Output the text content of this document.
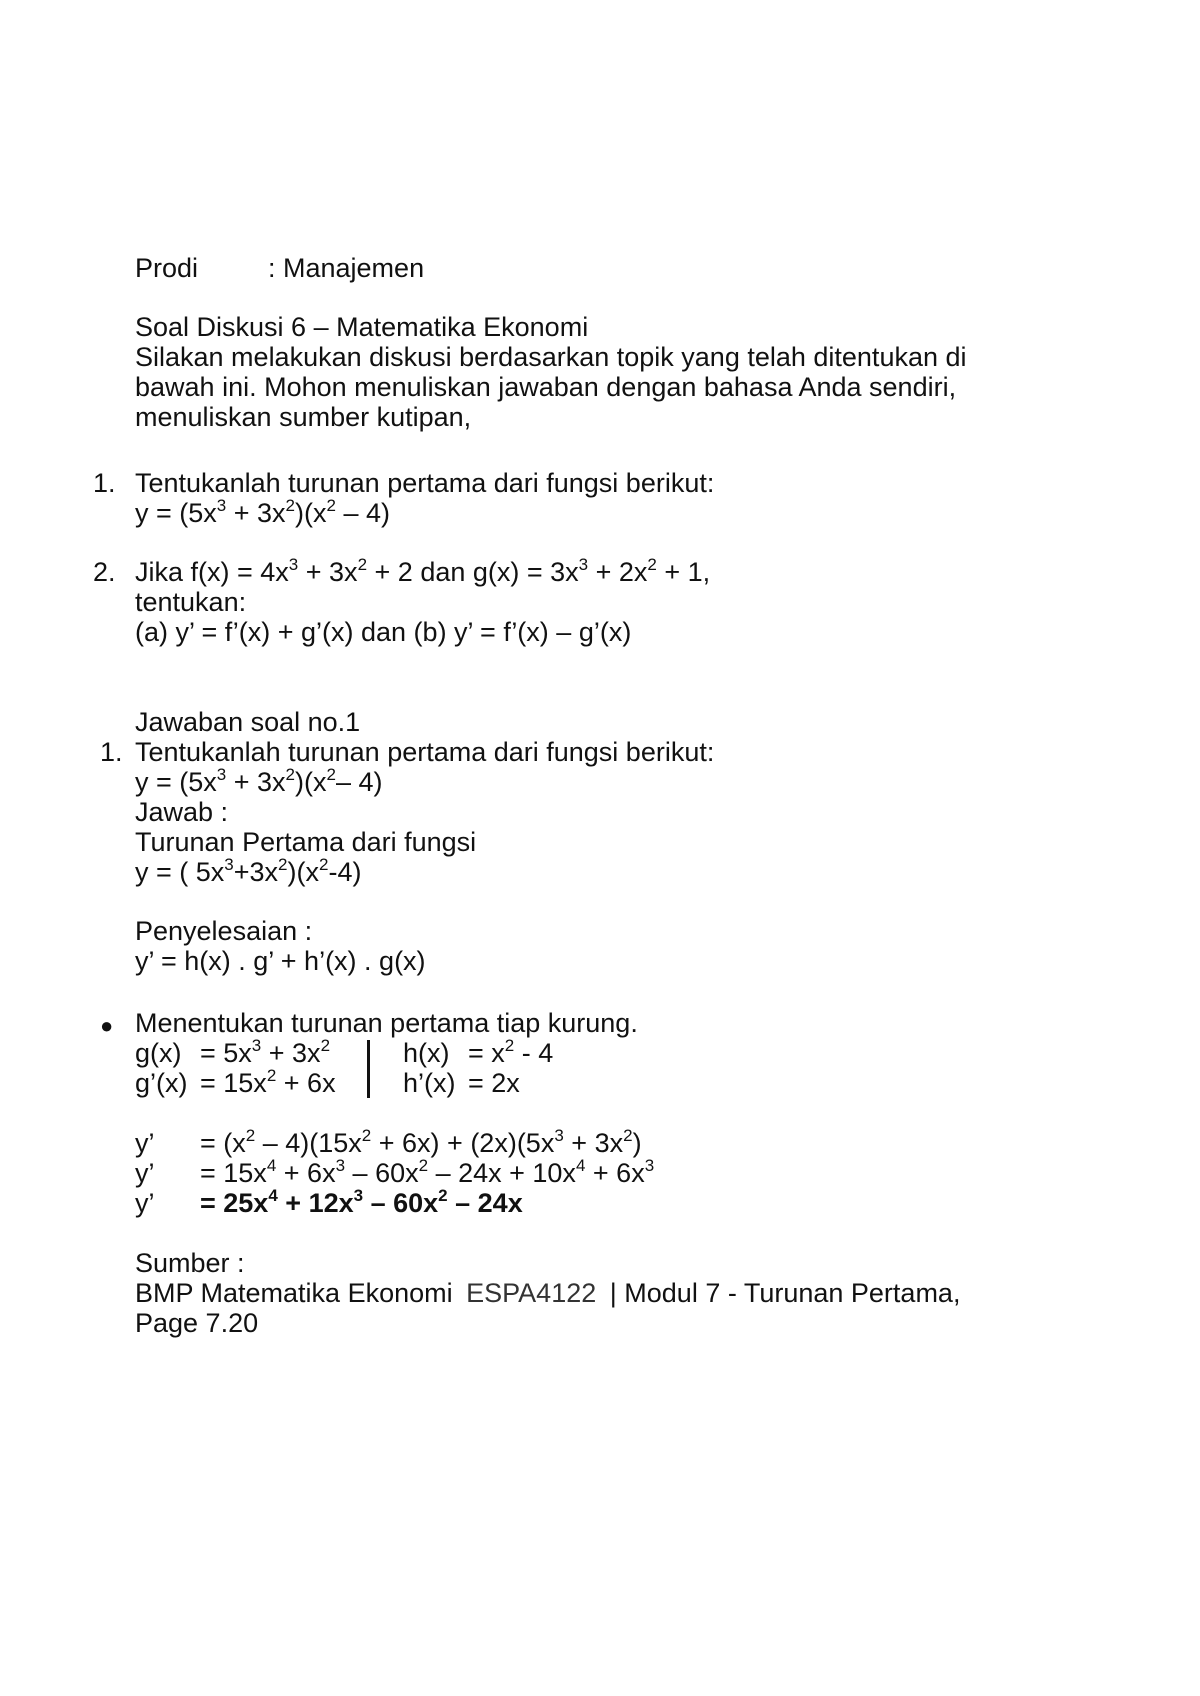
Prodi	: Manajemen
Soal Diskusi 6 – Matematika Ekonomi
Silakan melakukan diskusi berdasarkan topik yang telah ditentukan di
bawah ini. Mohon menuliskan jawaban dengan bahasa Anda sendiri,
menuliskan sumber kutipan,
1. Tentukanlah turunan pertama dari fungsi berikut:
$y = (5x^3 + 3x^2)(x^2 - 4)$
2. Jika $f(x) = 4x^3 + 3x^2 + 2$ dan $g(x) = 3x^3 + 2x^2 + 1$,
tentukan:
(a) y’ = f’(x) + g’(x) dan (b) y’ = f’(x) – g’(x)
Jawaban soal no.1
1. Tentukanlah turunan pertama dari fungsi berikut:
$y = (5x^3 + 3x^2)(x^2-$ 4)
Jawab :
Turunan Pertama dari fungsi
y = ( $5x^3+3x^2)(x^2-4)$
Penyelesaian :
y’ = h(x) . g’ + h’(x) . g(x)
● Menentukan turunan pertama tiap kurung.
$g(x) = 5x^3 + 3x^2$
g’(x) = $15x^2 + 6x$
$h(x) = x^2 - 4$
h’(x) = 2x
y’ = $(x^2 - 4)(15x^2 + 6x) + (2x)(5x^3 + 3x^2)$
y’ = $15x^4 + 6x^3 - 60x^2 - 24x + 10x^4 + 6x^3$
y’ = $25x^4 + 12x^3 - 60x^2 - 24x$
Sumber :
BMP Matematika Ekonomi ESPA4122 | Modul 7 - Turunan Pertama,
Page 7.20
